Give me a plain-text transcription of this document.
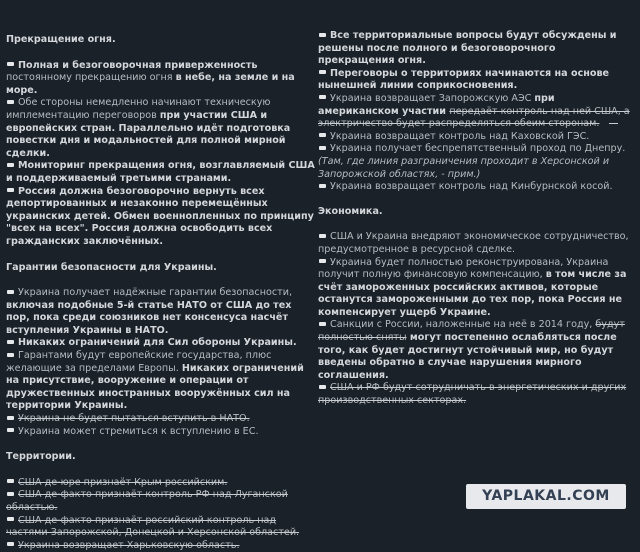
Прекращение огня.

Полная и безоговорочная приверженность постоянному прекращению огня в небе, на земле и на море.

Обе стороны немедленно начинают техническую имплементацию переговоров при участии США и европейских стран. Параллельно идёт подготовка повестки дня и модальностей для полной мирной сделки.

Мониторинг прекращения огня, возглавляемый США и поддерживаемый третьими странами.

Россия должна безоговорочно вернуть всех депортированных и незаконно перемещённых украинских детей. Обмен военнопленных по принципу "всех на всех". Россия должна освободить всех гражданских заключённых.

Гарантии безопасности для Украины.

Украина получает надёжные гарантии безопасности, включая подобные 5-й статье НАТО от США до тех пор, пока среди союзников нет консенсуса насчёт вступления Украины в НАТО.

Никаких ограничений для Сил обороны Украины.

Гарантами будут европейские государства, плюс желающие за пределами Европы. Никаких ограничений на присутствие, вооружение и операции от дружественных иностранных вооружённых сил на территории Украины.

Украина не будет пытаться вступить в НАТО.

Украина может стремиться к вступлению в ЕС.

Территории.

США де-юре признаёт Крым российским.

США де-факто признаёт контроль РФ над Луганской областью.

США де-факто признаёт российский контроль над частями Запорожской, Донецкой и Херсонской областей.

Украина возвращает Харьковскую область.

Все территориальные вопросы будут обсуждены и решены после полного и безоговорочного прекращения огня.

Переговоры о территориях начинаются на основе нынешней линии соприкосновения.

Украина возвращает Запорожскую АЭС при американском участии передаёт контроль над ней США, а электричество будет распределяться обеим сторонам.

Украина возвращает контроль над Каховской ГЭС.

Украина получает беспрепятственный проход по Днепру.

(Там, где линия разграничения проходит в Херсонской и Запорожской областях, - прим.)

Украина возвращает контроль над Кинбурнской косой.

Экономика.

США и Украина внедряют экономическое сотрудничество, предусмотренное в ресурсной сделке.

Украина будет полностью реконструирована, Украина получит полную финансовую компенсацию, в том числе за счёт замороженных российских активов, которые останутся замороженными до тех пор, пока Россия не компенсирует ущерб Украине.

Санкции с России, наложенные на неё в 2014 году, будут полностью сняты могут постепенно ослабляться после того, как будет достигнут устойчивый мир, но будут введены обратно в случае нарушения мирного соглашения.

США и РФ будут сотрудничать в энергетических и других производственных секторах.

YAPLAKAL.COM
